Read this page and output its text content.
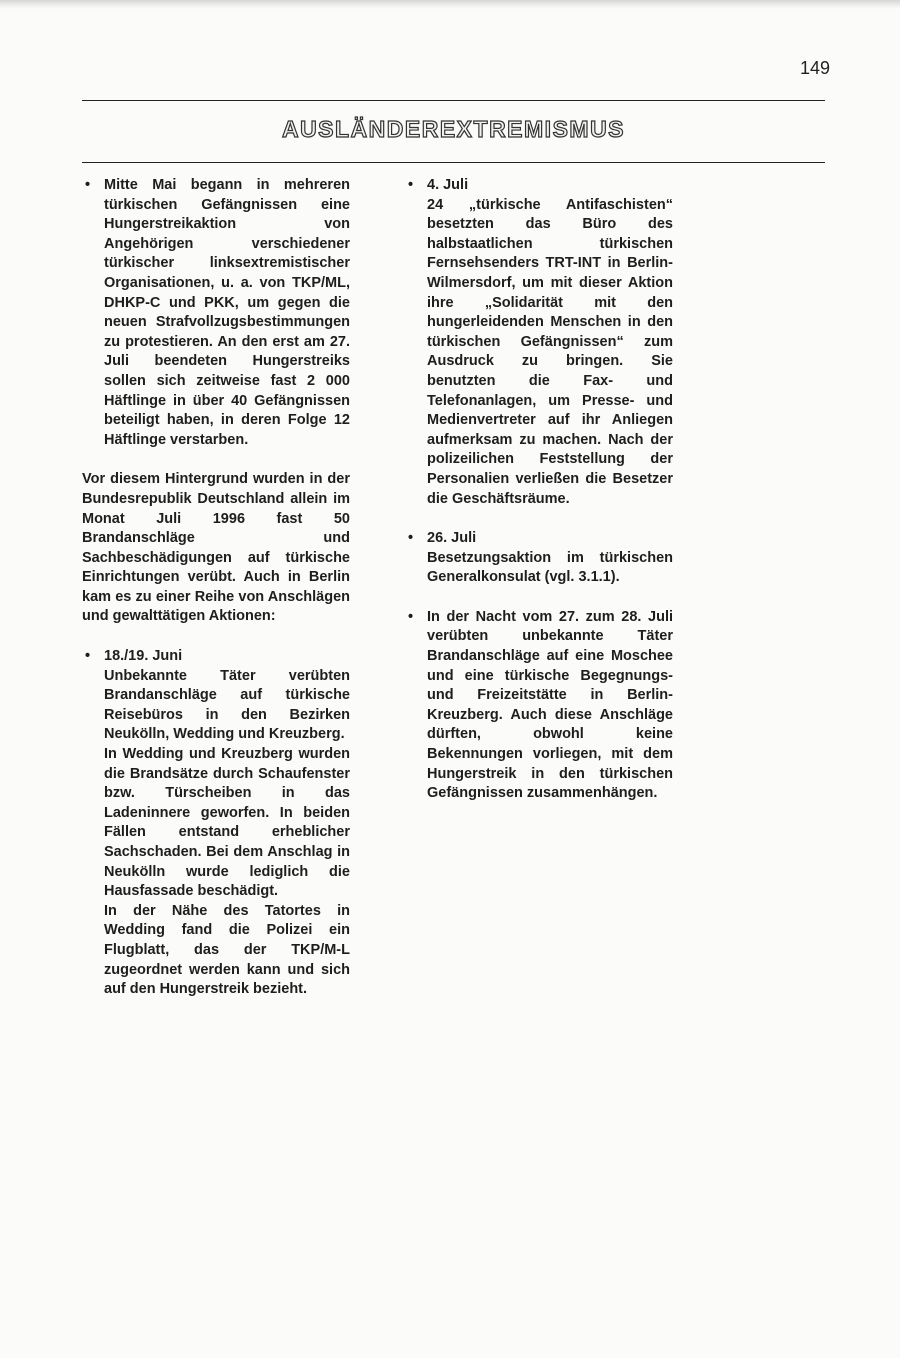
149
AUSLÄNDEREXTREMISMUS
• Mitte Mai begann in mehreren türkischen Gefängnissen eine Hungerstreikaktion von Angehörigen verschiedener türkischer linksextremistischer Organisationen, u. a. von TKP/ML, DHKP-C und PKK, um gegen die neuen Strafvollzugsbestimmungen zu protestieren. An den erst am 27. Juli beendeten Hungerstreiks sollen sich zeitweise fast 2 000 Häftlinge in über 40 Gefängnissen beteiligt haben, in deren Folge 12 Häftlinge verstarben.

Vor diesem Hintergrund wurden in der Bundesrepublik Deutschland allein im Monat Juli 1996 fast 50 Brandanschläge und Sachbeschädigungen auf türkische Einrichtungen verübt. Auch in Berlin kam es zu einer Reihe von Anschlägen und gewalttätigen Aktionen:

• 18./19. Juni

Unbekannte Täter verübten Brandanschläge auf türkische Reisebüros in den Bezirken Neukölln, Wedding und Kreuzberg.

In Wedding und Kreuzberg wurden die Brandsätze durch Schaufenster bzw. Türscheiben in das Ladeninnere geworfen. In beiden Fällen entstand erheblicher Sachschaden. Bei dem Anschlag in Neukölln wurde lediglich die Hausfassade beschädigt.

In der Nähe des Tatortes in Wedding fand die Polizei ein Flugblatt, das der TKP/M-L zugeordnet werden kann und sich auf den Hungerstreik bezieht.

• 4. Juli

24 „türkische Antifaschisten“ besetzten das Büro des halbstaatlichen türkischen Fernsehsenders TRT-INT in Berlin-Wilmersdorf, um mit dieser Aktion ihre „Solidarität mit den hungerleidenden Menschen in den türkischen Gefängnissen“ zum Ausdruck zu bringen. Sie benutzten die Fax- und Telefonanlagen, um Presse- und Medienvertreter auf ihr Anliegen aufmerksam zu machen. Nach der polizeilichen Feststellung der Personalien verließen die Besetzer die Geschäftsräume.

• 26. Juli

Besetzungsaktion im türkischen Generalkonsulat (vgl. 3.1.1).

• In der Nacht vom 27. zum 28. Juli verübten unbekannte Täter Brandanschläge auf eine Moschee und eine türkische Begegnungs- und Freizeitstätte in Berlin-Kreuzberg. Auch diese Anschläge dürften, obwohl keine Bekennungen vorliegen, mit dem Hungerstreik in den türkischen Gefängnissen zusammenhängen.
